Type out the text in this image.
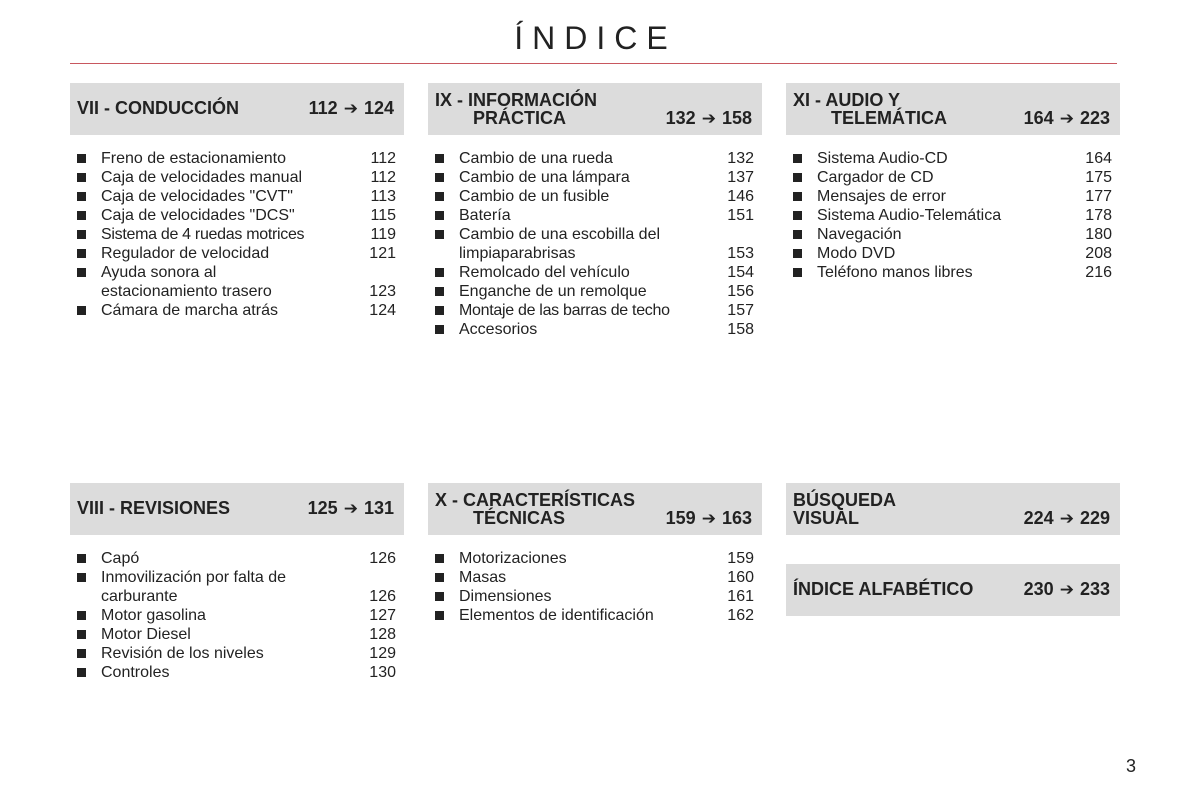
ÍNDICE
VII - CONDUCCIÓN	112 ➔ 124
Freno de estacionamiento	112
Caja de velocidades manual	112
Caja de velocidades "CVT"	113
Caja de velocidades "DCS"	115
Sistema de 4 ruedas motrices	119
Regulador de velocidad	121
Ayuda sonora al
estacionamiento trasero	123
Cámara de marcha atrás	124
IX - INFORMACIÓN
PRÁCTICA	132 ➔ 158
Cambio de una rueda	132
Cambio de una lámpara	137
Cambio de un fusible	146
Batería	151
Cambio de una escobilla del
limpiaparabrisas	153
Remolcado del vehículo	154
Enganche de un remolque	156
Montaje de las barras de techo	157
Accesorios	158
XI - AUDIO Y
TELEMÁTICA	164 ➔ 223
Sistema Audio-CD	164
Cargador de CD	175
Mensajes de error	177
Sistema Audio-Telemática	178
Navegación	180
Modo DVD	208
Teléfono manos libres	216
VIII - REVISIONES	125 ➔ 131
Capó	126
Inmovilización por falta de
carburante	126
Motor gasolina	127
Motor Diesel	128
Revisión de los niveles	129
Controles	130
X - CARACTERÍSTICAS
TÉCNICAS	159 ➔ 163
Motorizaciones	159
Masas	160
Dimensiones	161
Elementos de identificación	162
BÚSQUEDA
VISUAL	224 ➔ 229
ÍNDICE ALFABÉTICO	230 ➔ 233
3
